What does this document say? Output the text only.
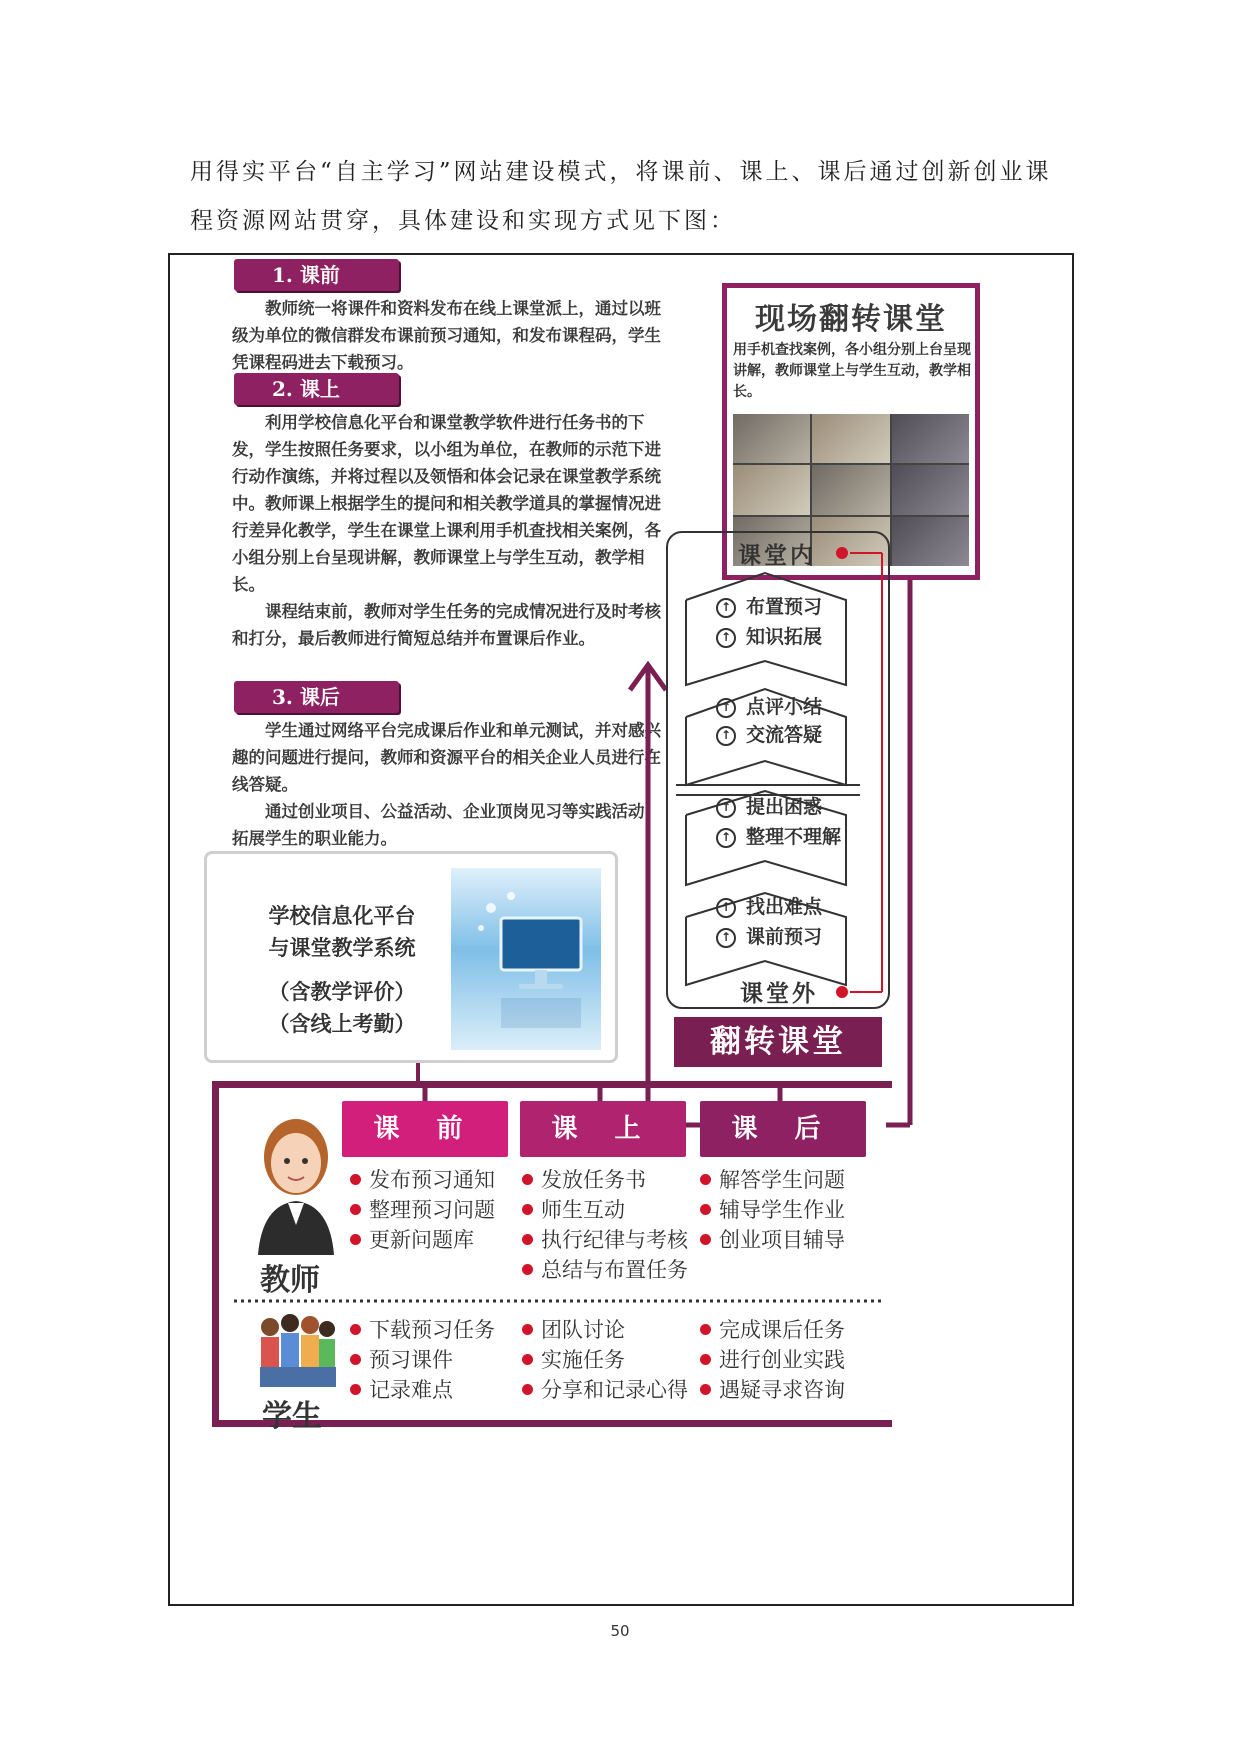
用得实平台“自主学习”网站建设模式，将课前、课上、课后通过创新创业课程资源网站贯穿，具体建设和实现方式见下图：
1. 课前

教师统一将课件和资料发布在线上课堂派上，通过以班级为单位的微信群发布课前预习通知，和发布课程码，学生凭课程码进去下载预习。

2. 课上

利用学校信息化平台和课堂教学软件进行任务书的下发，学生按照任务要求，以小组为单位，在教师的示范下进行动作演练，并将过程以及领悟和体会记录在课堂教学系统中。教师课上根据学生的提问和相关教学道具的掌握情况进行差异化教学，学生在课堂上课利用手机查找相关案例，各小组分别上台呈现讲解，教师课堂上与学生互动，教学相长。

课程结束前，教师对学生任务的完成情况进行及时考核和打分，最后教师进行简短总结并布置课后作业。

3. 课后

学生通过网络平台完成课后作业和单元测试，并对感兴趣的问题进行提问，教师和资源平台的相关企业人员进行在线答疑。

通过创业项目、公益活动、企业顶岗见习等实践活动，拓展学生的职业能力。

现场翻转课堂
用手机查找案例，各小组分别上台呈现讲解，教师课堂上与学生互动，教学相长。
课堂内
课堂外
↑ 布置预习
↑ 知识拓展
↑ 点评小结
↑ 交流答疑
↑ 提出困惑
↑ 整理不理解
↑ 找出难点
↑ 课前预习
翻转课堂
学校信息化平台
与课堂教学系统
（含教学评价）
（含线上考勤）
课 前	课 上	课 后
教师
学生
发布预习通知
整理预习问题
更新问题库
发放任务书
师生互动
执行纪律与考核
总结与布置任务
解答学生问题
辅导学生作业
创业项目辅导
下载预习任务
预习课件
记录难点
团队讨论
实施任务
分享和记录心得
完成课后任务
进行创业实践
遇疑寻求咨询
50
